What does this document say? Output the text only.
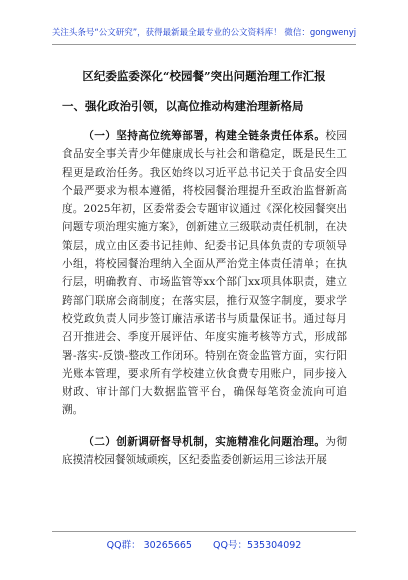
关注头条号“公文研究”，获得最新最全最专业的公文资料库！ 微信：gongwenyj
区纪委监委深化“校园餐”突出问题治理工作汇报
一、强化政治引领，以高位推动构建治理新格局

（一）坚持高位统筹部署，构建全链条责任体系。校园食品安全事关青少年健康成长与社会和谐稳定，既是民生工程更是政治任务。我区始终以习近平总书记关于食品安全四个最严要求为根本遵循，将校园餐治理提升至政治监督新高度。2025年初，区委常委会专题审议通过《深化校园餐突出问题专项治理实施方案》，创新建立三级联动责任机制，在决策层，成立由区委书记挂帅、纪委书记具体负责的专项领导小组，将校园餐治理纳入全面从严治党主体责任清单；在执行层，明确教育、市场监管等xx个部门xx项具体职责，建立跨部门联席会商制度；在落实层，推行双签字制度，要求学校党政负责人同步签订廉洁承诺书与质量保证书。通过每月召开推进会、季度开展评估、年度实施考核等方式，形成部署-落实-反馈-整改工作闭环。特别在资金监管方面，实行阳光账本管理，要求所有学校建立伙食费专用账户，同步接入财政、审计部门大数据监管平台，确保每笔资金流向可追溯。

（二）创新调研督导机制，实施精准化问题治理。为彻底摸清校园餐领域顽疾，区纪委监委创新运用三诊法开展

QQ群： 30265665 QQ号：535304092
